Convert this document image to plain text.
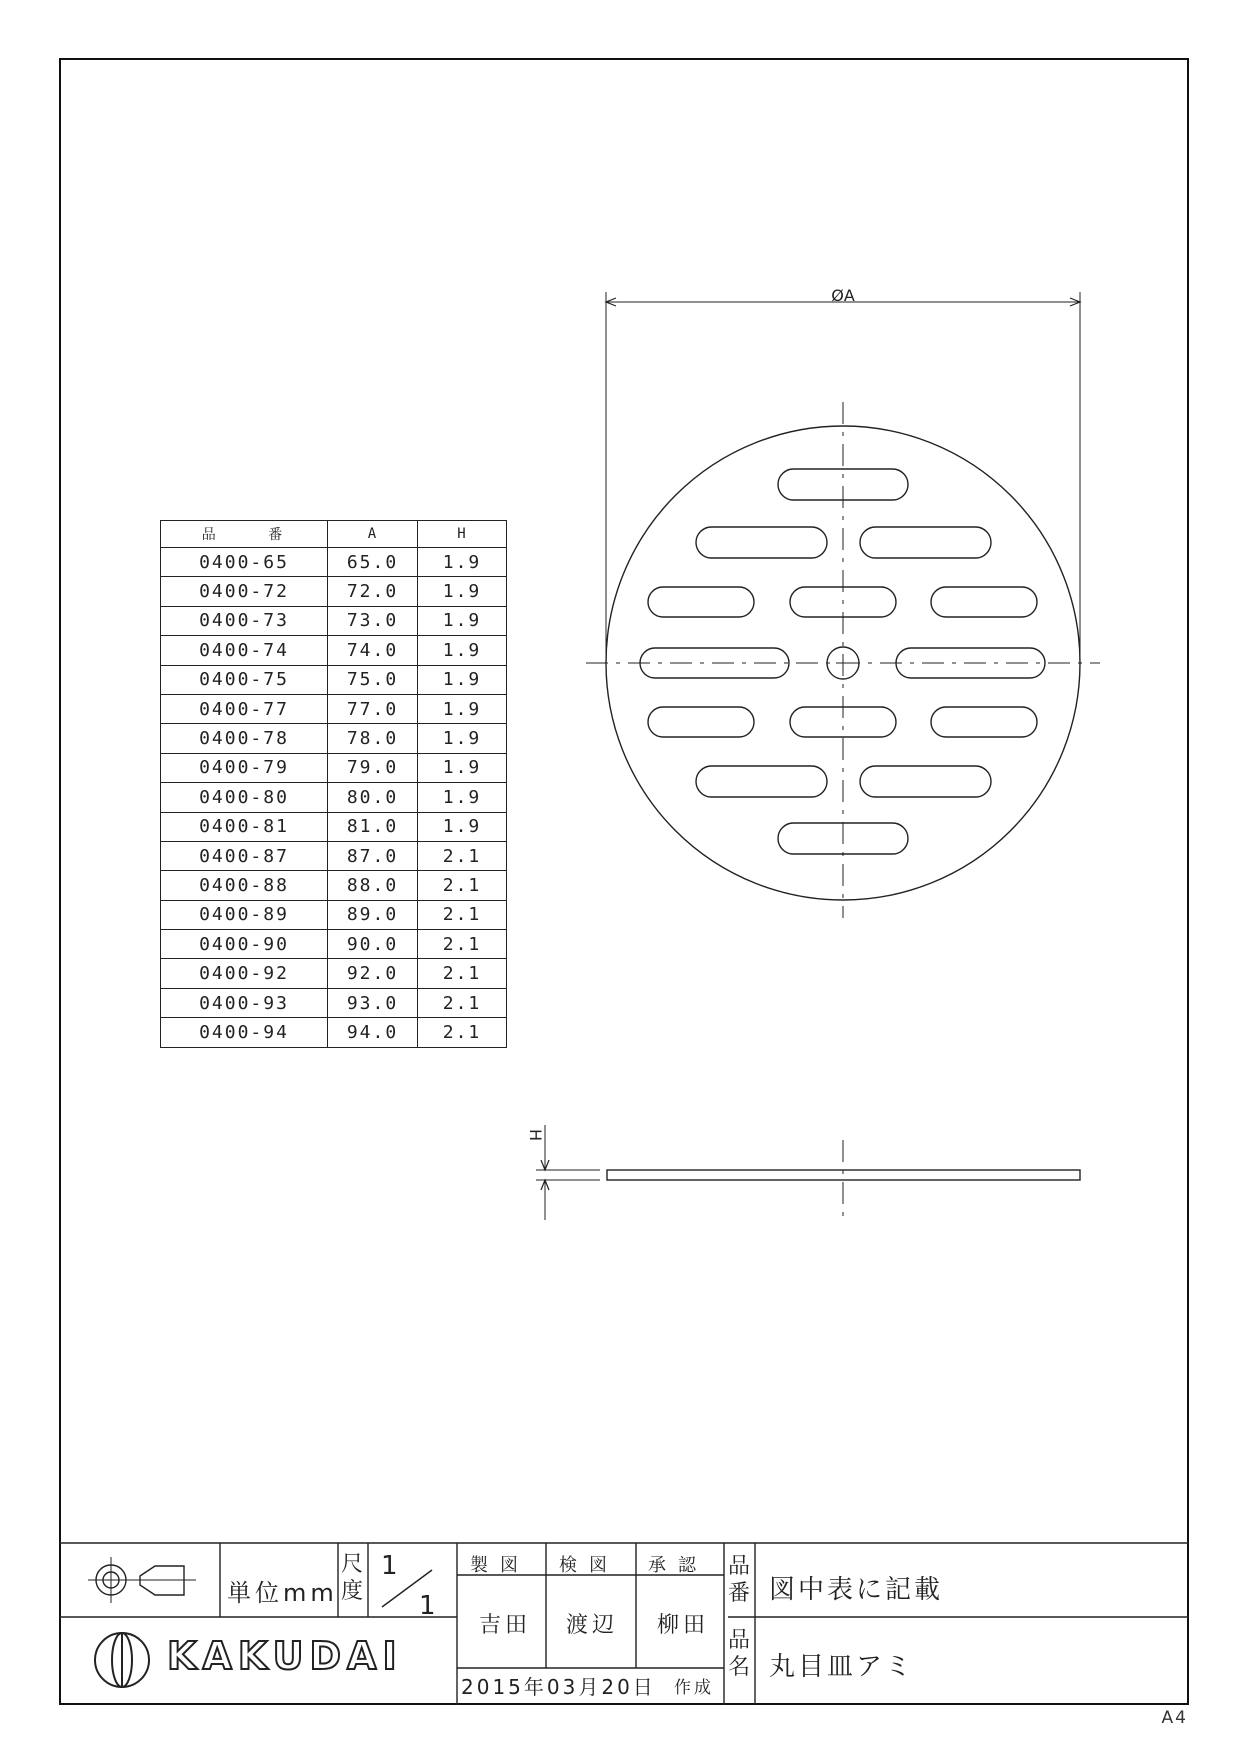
A4
品 番	A	H
0400-65	65.0	1.9
0400-72	72.0	1.9
0400-73	73.0	1.9
0400-74	74.0	1.9
0400-75	75.0	1.9
0400-77	77.0	1.9
0400-78	78.0	1.9
0400-79	79.0	1.9
0400-80	80.0	1.9
0400-81	81.0	1.9
0400-87	87.0	2.1
0400-88	88.0	2.1
0400-89	89.0	2.1
0400-90	90.0	2.1
0400-92	92.0	2.1
0400-93	93.0	2.1
0400-94	94.0	2.1
ØA
H
単位mm
尺
度
1
1
製図 検図 承認
吉田 渡辺 柳田
2015年03月20日 作成
品
番 図中表に記載
品
名 丸目皿アミ
KAKUDAI
